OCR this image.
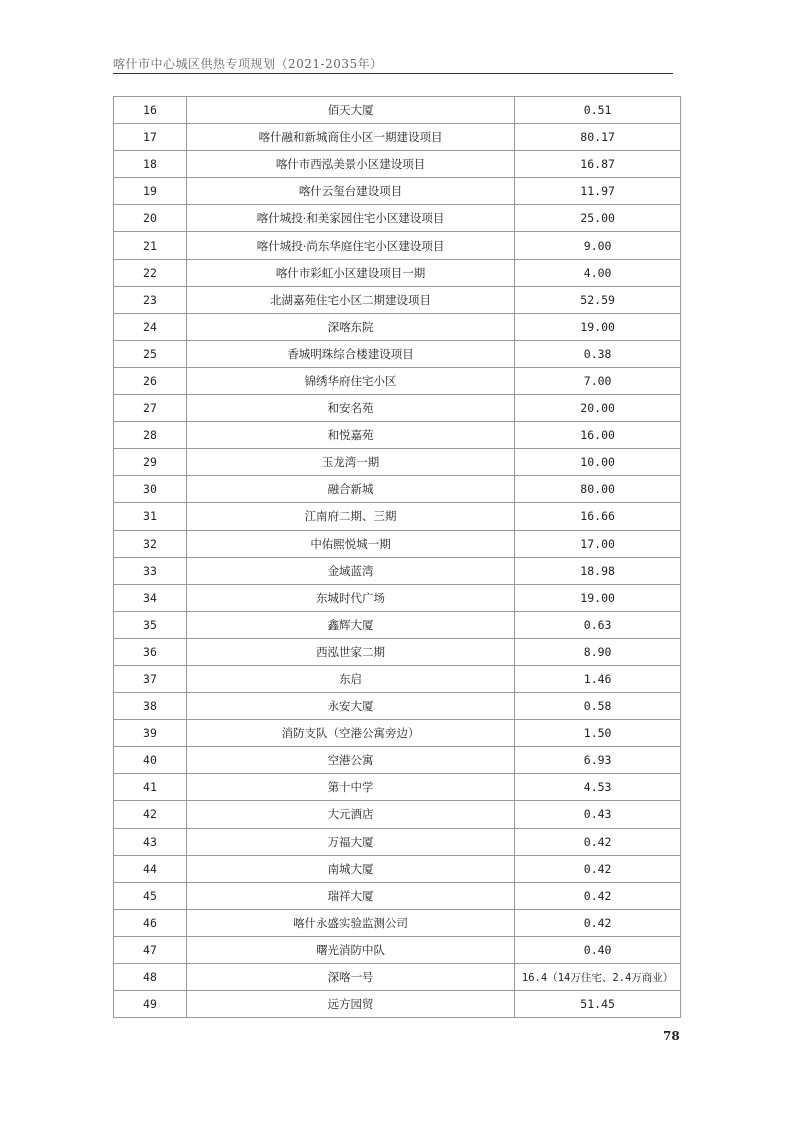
喀什市中心城区供热专项规划（2021-2035年）
16	佰天大厦	0.51
17	喀什融和新城商住小区一期建设项目	80.17
18	喀什市西泓美景小区建设项目	16.87
19	喀什云玺台建设项目	11.97
20	喀什城投·和美家园住宅小区建设项目	25.00
21	喀什城投·尚东华庭住宅小区建设项目	9.00
22	喀什市彩虹小区建设项目一期	4.00
23	北湖嘉苑住宅小区二期建设项目	52.59
24	深喀东院	19.00
25	香城明珠综合楼建设项目	0.38
26	锦绣华府住宅小区	7.00
27	和安名苑	20.00
28	和悦嘉苑	16.00
29	玉龙湾一期	10.00
30	融合新城	80.00
31	江南府二期、三期	16.66
32	中佑熙悦城一期	17.00
33	金域蓝湾	18.98
34	东城时代广场	19.00
35	鑫辉大厦	0.63
36	西泓世家二期	8.90
37	东启	1.46
38	永安大厦	0.58
39	消防支队（空港公寓旁边）	1.50
40	空港公寓	6.93
41	第十中学	4.53
42	大元酒店	0.43
43	万福大厦	0.42
44	南城大厦	0.42
45	瑞祥大厦	0.42
46	喀什永盛实验监测公司	0.42
47	曙光消防中队	0.40
48	深喀一号	16.4（14万住宅、2.4万商业）
49	远方园贸	51.45
78
